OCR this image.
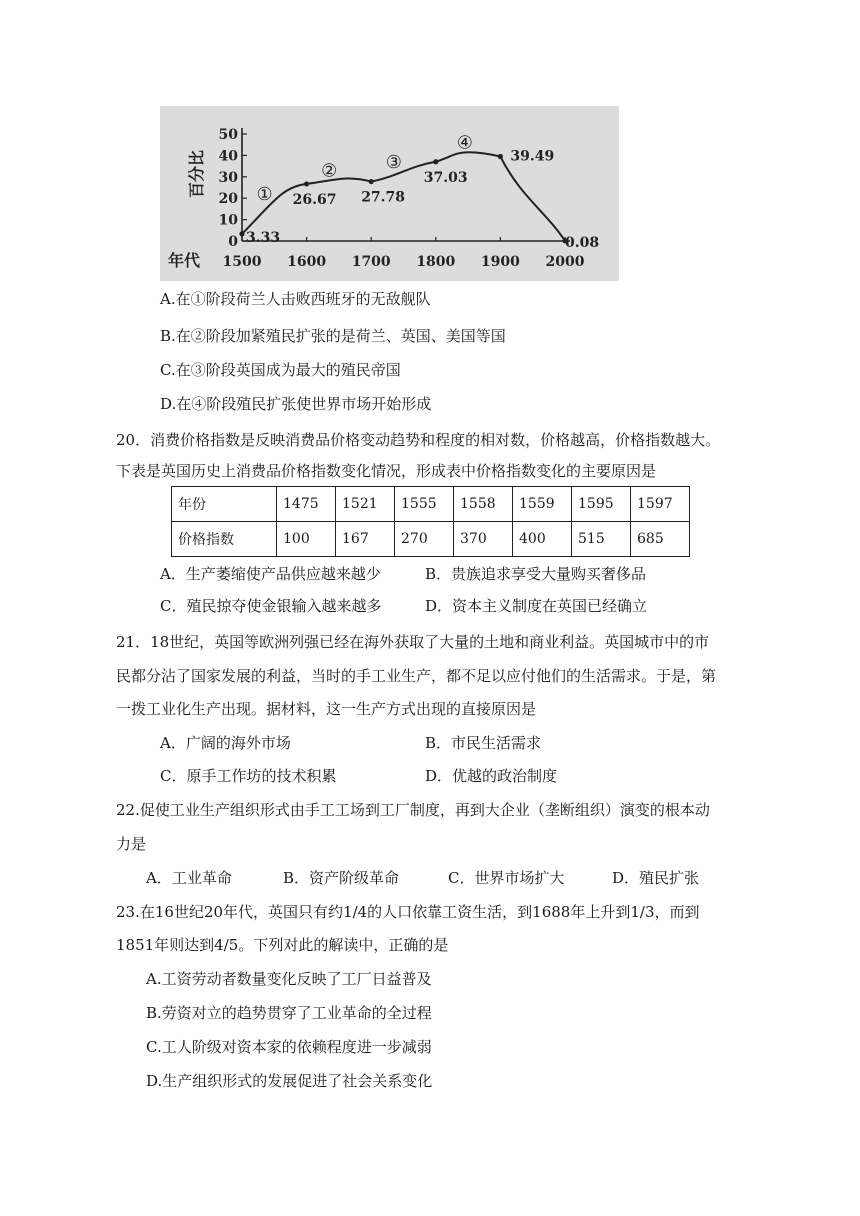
0
10
20
30
40
50
1500 1600 1700 1800 1900 2000
百分比
年代
3.33
26.67 27.78
37.03
39.49
0.08
①
②	③
④
A.在①阶段荷兰人击败西班牙的无敌舰队
B.在②阶段加紧殖民扩张的是荷兰、英国、美国等国
C.在③阶段英国成为最大的殖民帝国
D.在④阶段殖民扩张使世界市场开始形成
20．消费价格指数是反映消费品价格变动趋势和程度的相对数，价格越高，价格指数越大。
下表是英国历史上消费品价格指数变化情况，形成表中价格指数变化的主要原因是
年份	1475	1521	1555	1558	1559	1595	1597
价格指数	100	167	270	370	400	515	685
A．生产萎缩使产品供应越来越少	B．贵族追求享受大量购买奢侈品
C．殖民掠夺使金银输入越来越多	D．资本主义制度在英国已经确立
21．18世纪，英国等欧洲列强已经在海外获取了大量的土地和商业利益。英国城市中的市
民都分沾了国家发展的利益，当时的手工业生产，都不足以应付他们的生活需求。于是，第
一拨工业化生产出现。据材料，这一生产方式出现的直接原因是
A．广阔的海外市场	B．市民生活需求
C．原手工作坊的技术积累	D．优越的政治制度
22.促使工业生产组织形式由手工工场到工厂制度，再到大企业（垄断组织）演变的根本动
力是
A．工业革命	B．资产阶级革命	C．世界市场扩大	D．殖民扩张
23.在16世纪20年代，英国只有约1/4的人口依靠工资生活，到1688年上升到1/3，而到
1851年则达到4/5。下列对此的解读中，正确的是
A.工资劳动者数量变化反映了工厂日益普及
B.劳资对立的趋势贯穿了工业革命的全过程
C.工人阶级对资本家的依赖程度进一步减弱
D.生产组织形式的发展促进了社会关系变化
